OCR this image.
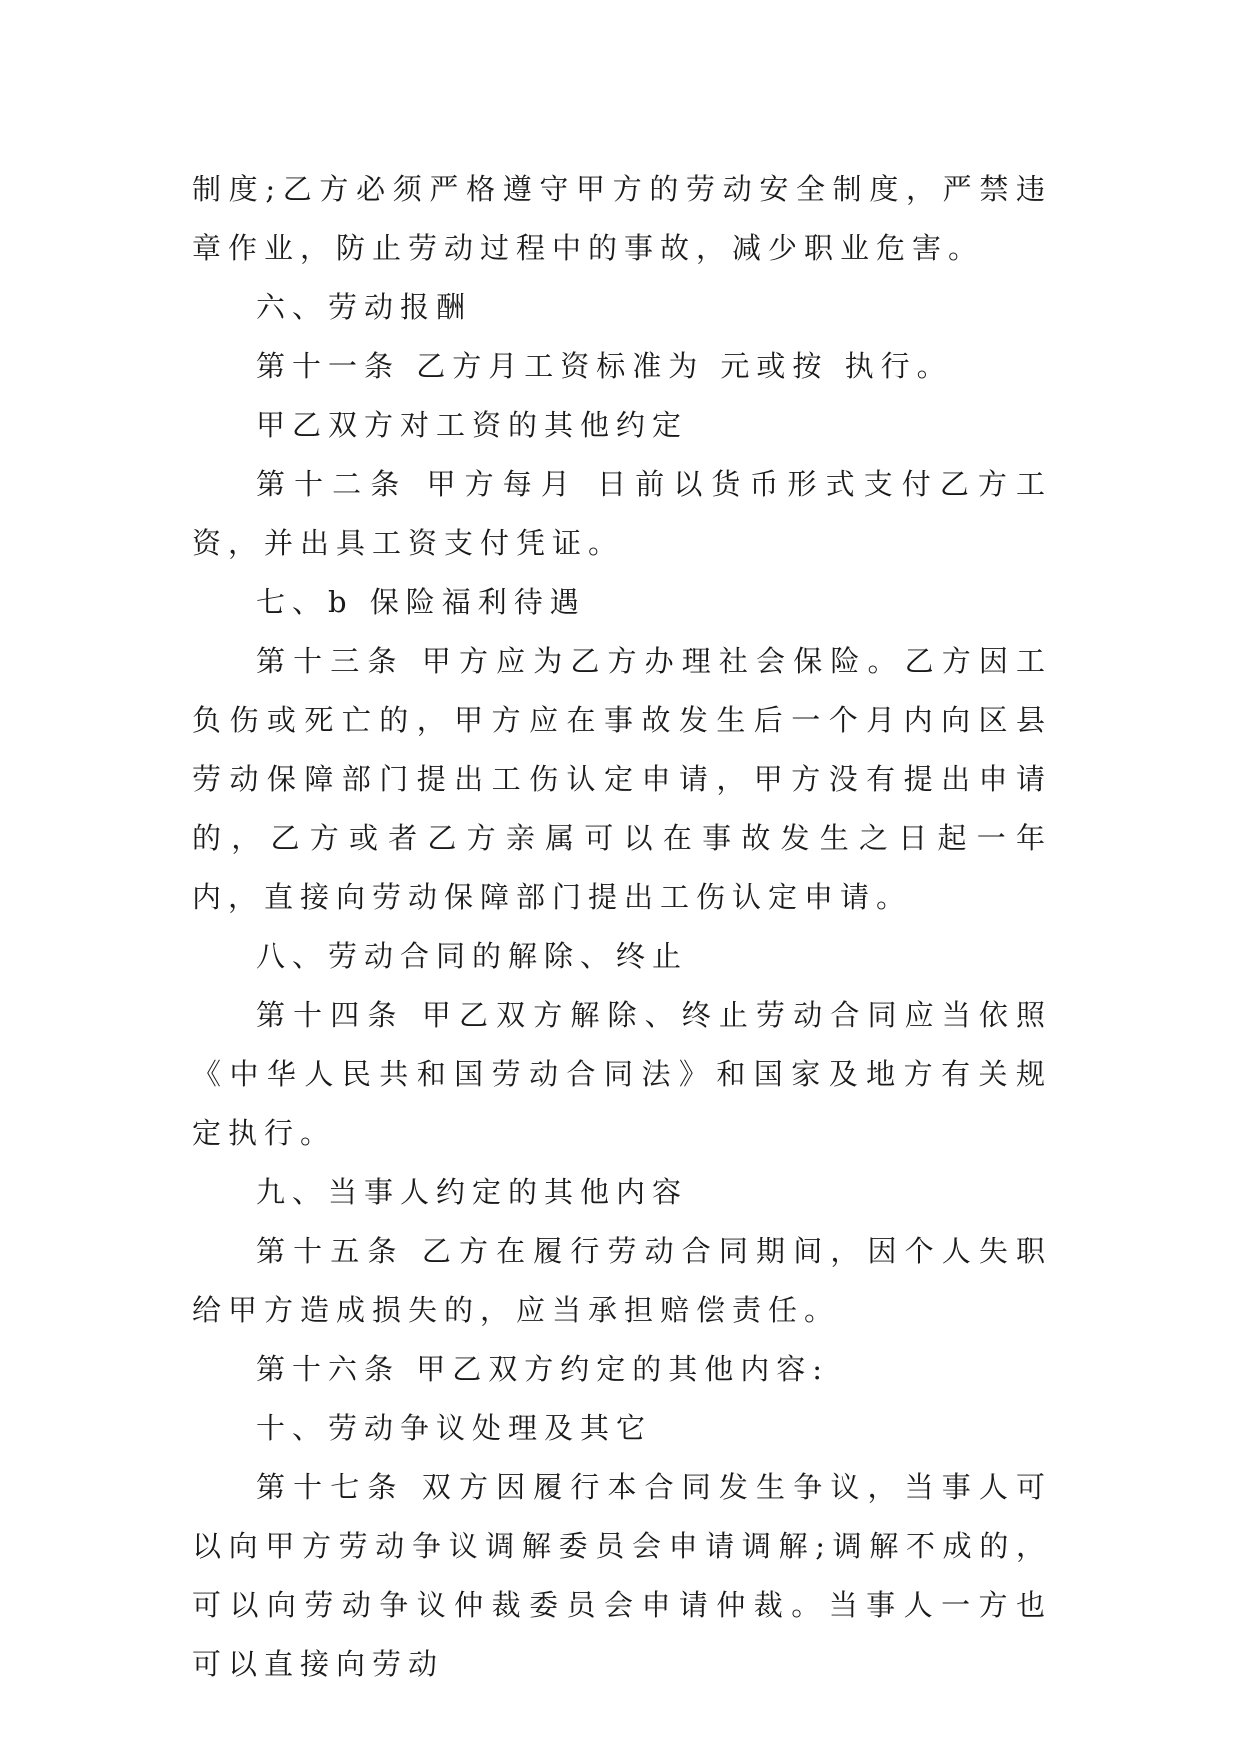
制度;乙方必须严格遵守甲方的劳动安全制度，严禁违章作业，防止劳动过程中的事故，减少职业危害。

六、劳动报酬

第十一条 乙方月工资标准为 元或按 执行。

甲乙双方对工资的其他约定

第十二条 甲方每月 日前以货币形式支付乙方工资，并出具工资支付凭证。

七、b 保险福利待遇

第十三条 甲方应为乙方办理社会保险。乙方因工负伤或死亡的，甲方应在事故发生后一个月内向区县劳动保障部门提出工伤认定申请，甲方没有提出申请的，乙方或者乙方亲属可以在事故发生之日起一年内，直接向劳动保障部门提出工伤认定申请。

八、劳动合同的解除、终止

第十四条 甲乙双方解除、终止劳动合同应当依照《中华人民共和国劳动合同法》和国家及地方有关规定执行。

九、当事人约定的其他内容

第十五条 乙方在履行劳动合同期间，因个人失职给甲方造成损失的，应当承担赔偿责任。

第十六条 甲乙双方约定的其他内容:

十、劳动争议处理及其它

第十七条 双方因履行本合同发生争议，当事人可以向甲方劳动争议调解委员会申请调解;调解不成的，可以向劳动争议仲裁委员会申请仲裁。当事人一方也可以直接向劳动
